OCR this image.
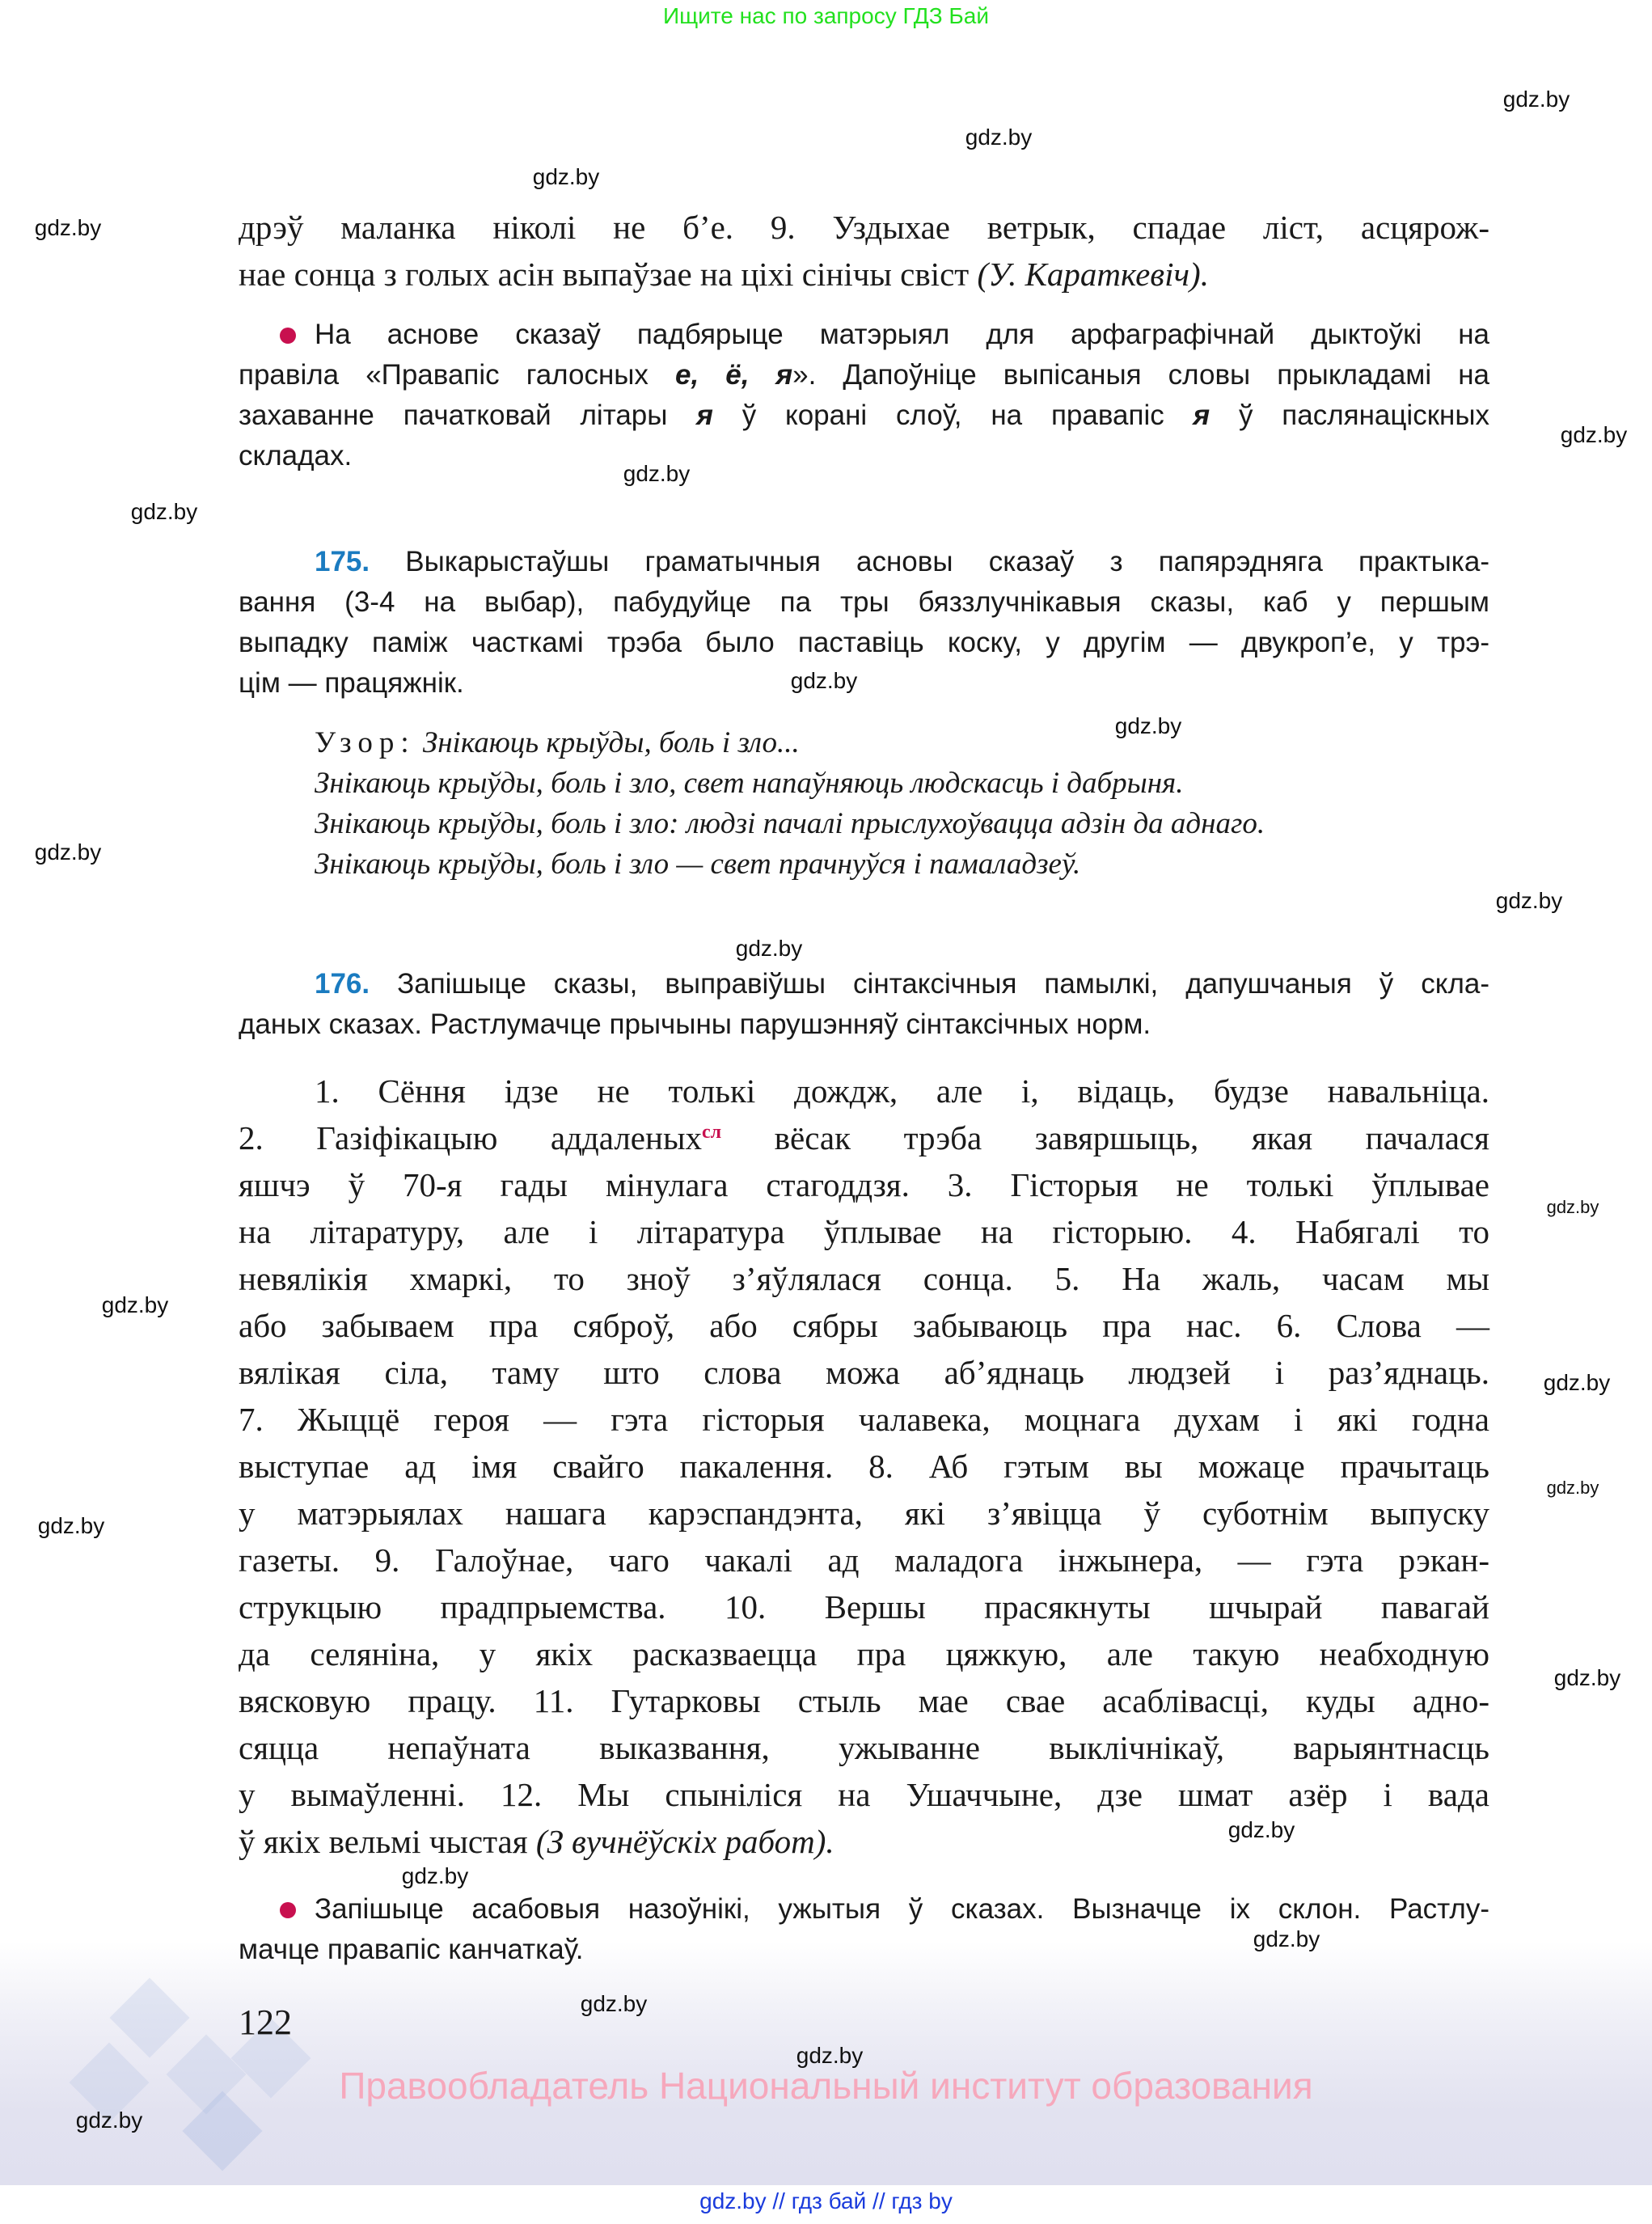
Ищите нас по запросу ГДЗ Бай
дрэў маланка ніколі не б’е. 9. Уздыхае ветрык, спадае ліст, асцярож-
нае сонца з голых асін выпаўзае на ціхі сінічы свіст (У. Караткевіч).
На аснове сказаў падбярыце матэрыял для арфаграфічнай дыктоўкі на
правіла «Правапіс галосных е, ё, я». Дапоўніце выпісаныя словы прыкладамі на
захаванне пачатковай літары я ў корані слоў, на правапіс я ў паслянаціскных
складах.
175. Выкарыстаўшы граматычныя асновы сказаў з папярэдняга практыка-
вання (3-4 на выбар), пабудуйце па тры бяззлучнікавыя сказы, каб у першым
выпадку паміж часткамі трэба было паставіць коску, у другім — двукроп’е, у трэ-
цім — працяжнік.
Узор: Знікаюць крыўды, боль і зло...
Знікаюць крыўды, боль і зло, свет напаўняюць людскасць і дабрыня.
Знікаюць крыўды, боль і зло: людзі пачалі прыслухоўвацца адзін да аднаго.
Знікаюць крыўды, боль і зло — свет прачнуўся і памаладзеў.
176. Запішыце сказы, выправіўшы сінтаксічныя памылкі, дапушчаныя ў скла-
даных сказах. Растлумачце прычыны парушэнняў сінтаксічных норм.
1. Сёння ідзе не толькі дождж, але і, відаць, будзе навальніца.
2. Газіфікацыю аддаленых$^{сл}$ вёсак трэба завяршыць, якая пачалася
яшчэ ў 70-я гады мінулага стагоддзя. 3. Гісторыя не толькі ўплывае
на літаратуру, але і літаратура ўплывае на гісторыю. 4. Набягалі то
невялікія хмаркі, то зноў з’яўлялася сонца. 5. На жаль, часам мы
або забываем пра сяброў, або сябры забываюць пра нас. 6. Слова —
вялікая сіла, таму што слова можа аб’яднаць людзей і раз’яднаць.
7. Жыццё героя — гэта гісторыя чалавека, моцнага духам і які годна
выступае ад імя свайго пакалення. 8. Аб гэтым вы можаце прачытаць
у матэрыялах нашага карэспандэнта, які з’явіцца ў суботнім выпуску
газеты. 9. Галоўнае, чаго чакалі ад маладога інжынера, — гэта рэкан-
струкцыю прадпрыемства. 10. Вершы прасякнуты шчырай павагай
да селяніна, у якіх расказваецца пра цяжкую, але такую неабходную
вясковую працу. 11. Гутарковы стыль мае свае асаблівасці, куды адно-
сяцца непаўната выказвання, ужыванне выклічнікаў, варыянтнасць
у вымаўленні. 12. Мы спыніліся на Ушаччыне, дзе шмат азёр і вада
ў якіх вельмі чыстая (З вучнёўскіх работ).
Запішыце асабовыя назоўнікі, ужытыя ў сказах. Вызначце іх склон. Растлу-
мачце правапіс канчаткаў.
122
Правообладатель Национальный институт образования
gdz.by // гдз бай // гдз by
gdz.by
gdz.by
gdz.by
gdz.by
gdz.by
gdz.by
gdz.by
gdz.by
gdz.by
gdz.by
gdz.by
gdz.by
gdz.by
gdz.by
gdz.by
gdz.by
gdz.by
gdz.by
gdz.by
gdz.by
gdz.by
gdz.by
gdz.by
gdz.by
